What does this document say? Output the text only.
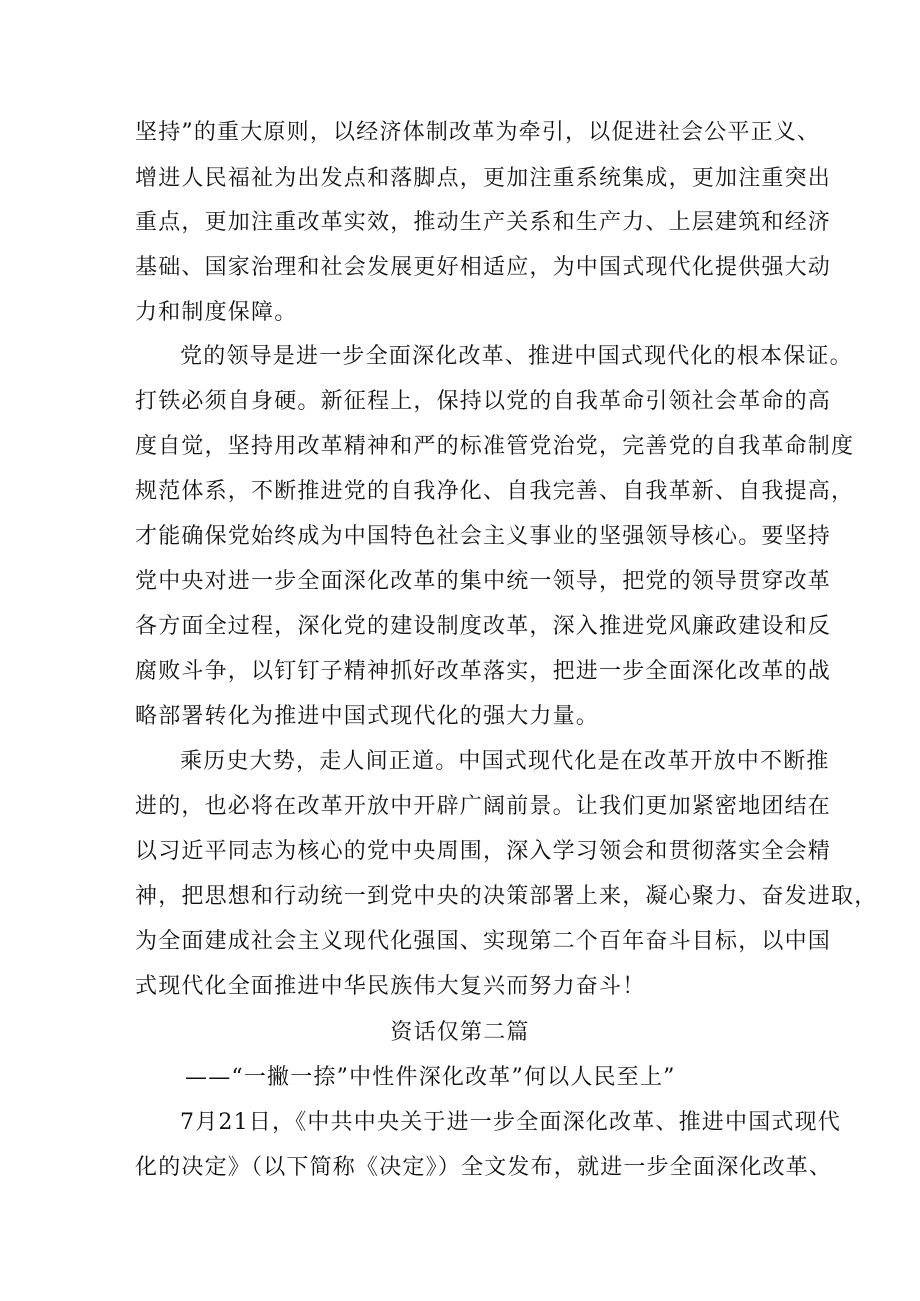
坚持”的重大原则，以经济体制改革为牵引，以促进社会公平正义、
增进人民福祉为出发点和落脚点，更加注重系统集成，更加注重突出
重点，更加注重改革实效，推动生产关系和生产力、上层建筑和经济
基础、国家治理和社会发展更好相适应，为中国式现代化提供强大动
力和制度保障。
党的领导是进一步全面深化改革、推进中国式现代化的根本保证。
打铁必须自身硬。新征程上，保持以党的自我革命引领社会革命的高
度自觉，坚持用改革精神和严的标准管党治党，完善党的自我革命制度
规范体系，不断推进党的自我净化、自我完善、自我革新、自我提高，
才能确保党始终成为中国特色社会主义事业的坚强领导核心。要坚持
党中央对进一步全面深化改革的集中统一领导，把党的领导贯穿改革
各方面全过程，深化党的建设制度改革，深入推进党风廉政建设和反
腐败斗争，以钉钉子精神抓好改革落实，把进一步全面深化改革的战
略部署转化为推进中国式现代化的强大力量。
乘历史大势，走人间正道。中国式现代化是在改革开放中不断推
进的，也必将在改革开放中开辟广阔前景。让我们更加紧密地团结在
以习近平同志为核心的党中央周围，深入学习领会和贯彻落实全会精
神，把思想和行动统一到党中央的决策部署上来，凝心聚力、奋发进取，
为全面建成社会主义现代化强国、实现第二个百年奋斗目标，以中国
式现代化全面推进中华民族伟大复兴而努力奋斗！
资话仅第二篇
——“一撇一捺”中性件深化改革”何以人民至上”
7月21日，《中共中央关于进一步全面深化改革、推进中国式现代
化的决定》（以下简称《决定》）全文发布，就进一步全面深化改革、
